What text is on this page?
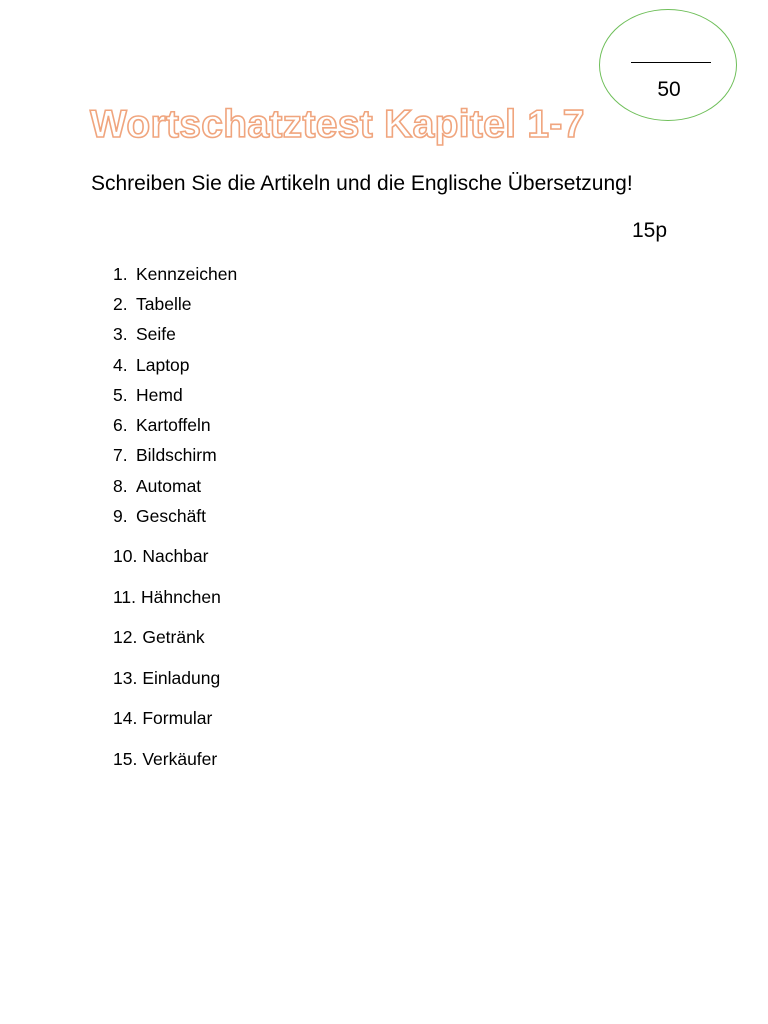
50
Wortschatztest Kapitel 1-7

Schreiben Sie die Artikeln und die Englische Übersetzung!

15p
1. Kennzeichen
2. Tabelle
3. Seife
4. Laptop
5. Hemd
6. Kartoffeln
7. Bildschirm
8. Automat
9. Geschäft
10. Nachbar
11. Hähnchen
12. Getränk
13. Einladung
14. Formular
15. Verkäufer
